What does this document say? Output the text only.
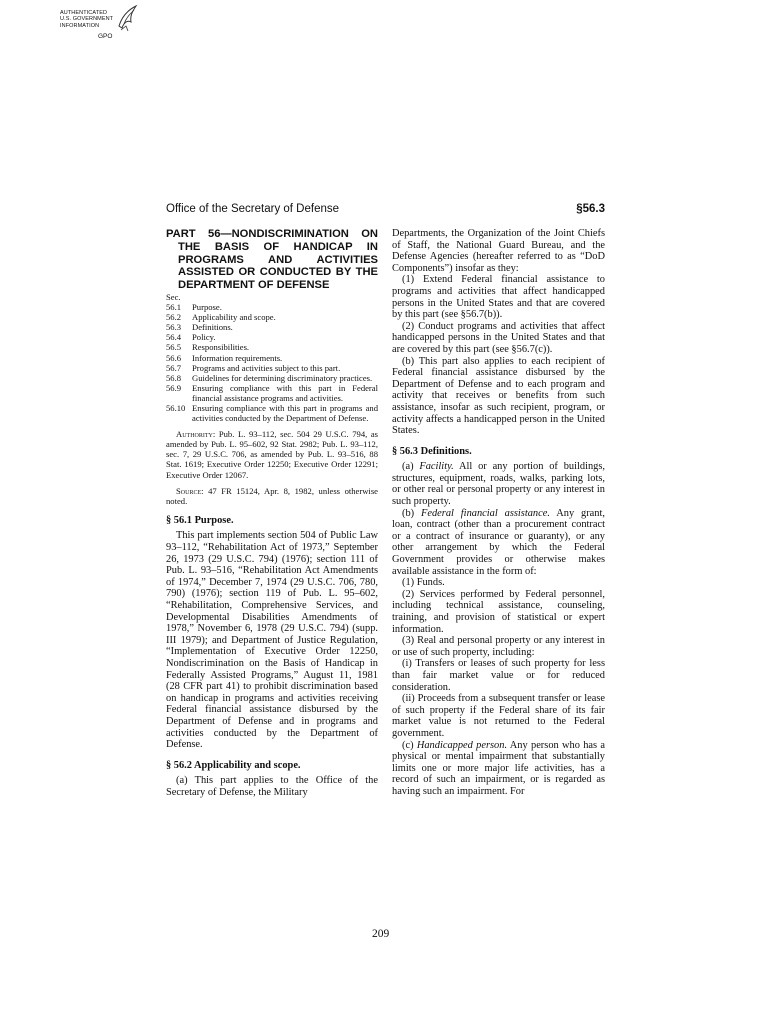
AUTHENTICATED
U.S. GOVERNMENT
INFORMATION
GPO
Office of the Secretary of Defense	§56.3

PART 56—NONDISCRIMINATION ON THE BASIS OF HANDICAP IN PROGRAMS AND ACTIVITIES ASSISTED OR CONDUCTED BY THE DEPARTMENT OF DEFENSE

Sec.
56.1	Purpose.
56.2	Applicability and scope.
56.3	Definitions.
56.4	Policy.
56.5	Responsibilities.
56.6	Information requirements.
56.7	Programs and activities subject to this part.
56.8	Guidelines for determining discriminatory practices.
56.9	Ensuring compliance with this part in Federal financial assistance programs and activities.
56.10 Ensuring compliance with this part in programs and activities conducted by the Department of Defense.

Authority: Pub. L. 93–112, sec. 504 29 U.S.C. 794, as amended by Pub. L. 95–602, 92 Stat. 2982; Pub. L. 93–112, sec. 7, 29 U.S.C. 706, as amended by Pub. L. 93–516, 88 Stat. 1619; Executive Order 12250; Executive Order 12291; Executive Order 12067.

Source: 47 FR 15124, Apr. 8, 1982, unless otherwise noted.

§ 56.1 Purpose.

This part implements section 504 of Public Law 93–112, “Rehabilitation Act of 1973,” September 26, 1973 (29 U.S.C. 794) (1976); section 111 of Pub. L. 93–516, “Rehabilitation Act Amendments of 1974,” December 7, 1974 (29 U.S.C. 706, 780, 790) (1976); section 119 of Pub. L. 95–602, “Rehabilitation, Comprehensive Services, and Developmental Disabilities Amendments of 1978,” November 6, 1978 (29 U.S.C. 794) (supp. III 1979); and Department of Justice Regulation, “Implementation of Executive Order 12250, Nondiscrimination on the Basis of Handicap in Federally Assisted Programs,” August 11, 1981 (28 CFR part 41) to prohibit discrimination based on handicap in programs and activities receiving Federal financial assistance disbursed by the Department of Defense and in programs and activities conducted by the Department of Defense.

§ 56.2 Applicability and scope.

(a) This part applies to the Office of the Secretary of Defense, the Military

Departments, the Organization of the Joint Chiefs of Staff, the National Guard Bureau, and the Defense Agencies (hereafter referred to as “DoD Components”) insofar as they:

(1) Extend Federal financial assistance to programs and activities that affect handicapped persons in the United States and that are covered by this part (see §56.7(b)).

(2) Conduct programs and activities that affect handicapped persons in the United States and that are covered by this part (see §56.7(c)).

(b) This part also applies to each recipient of Federal financial assistance disbursed by the Department of Defense and to each program and activity that receives or benefits from such assistance, insofar as such recipient, program, or activity affects a handicapped person in the United States.

§ 56.3 Definitions.

(a) Facility. All or any portion of buildings, structures, equipment, roads, walks, parking lots, or other real or personal property or any interest in such property.

(b) Federal financial assistance. Any grant, loan, contract (other than a procurement contract or a contract of insurance or guaranty), or any other arrangement by which the Federal Government provides or otherwise makes available assistance in the form of:

(1) Funds.

(2) Services performed by Federal personnel, including technical assistance, counseling, training, and provision of statistical or expert information.

(3) Real and personal property or any interest in or use of such property, including:

(i) Transfers or leases of such property for less than fair market value or for reduced consideration.

(ii) Proceeds from a subsequent transfer or lease of such property if the Federal share of its fair market value is not returned to the Federal government.

(c) Handicapped person. Any person who has a physical or mental impairment that substantially limits one or more major life activities, has a record of such an impairment, or is regarded as having such an impairment. For

209
